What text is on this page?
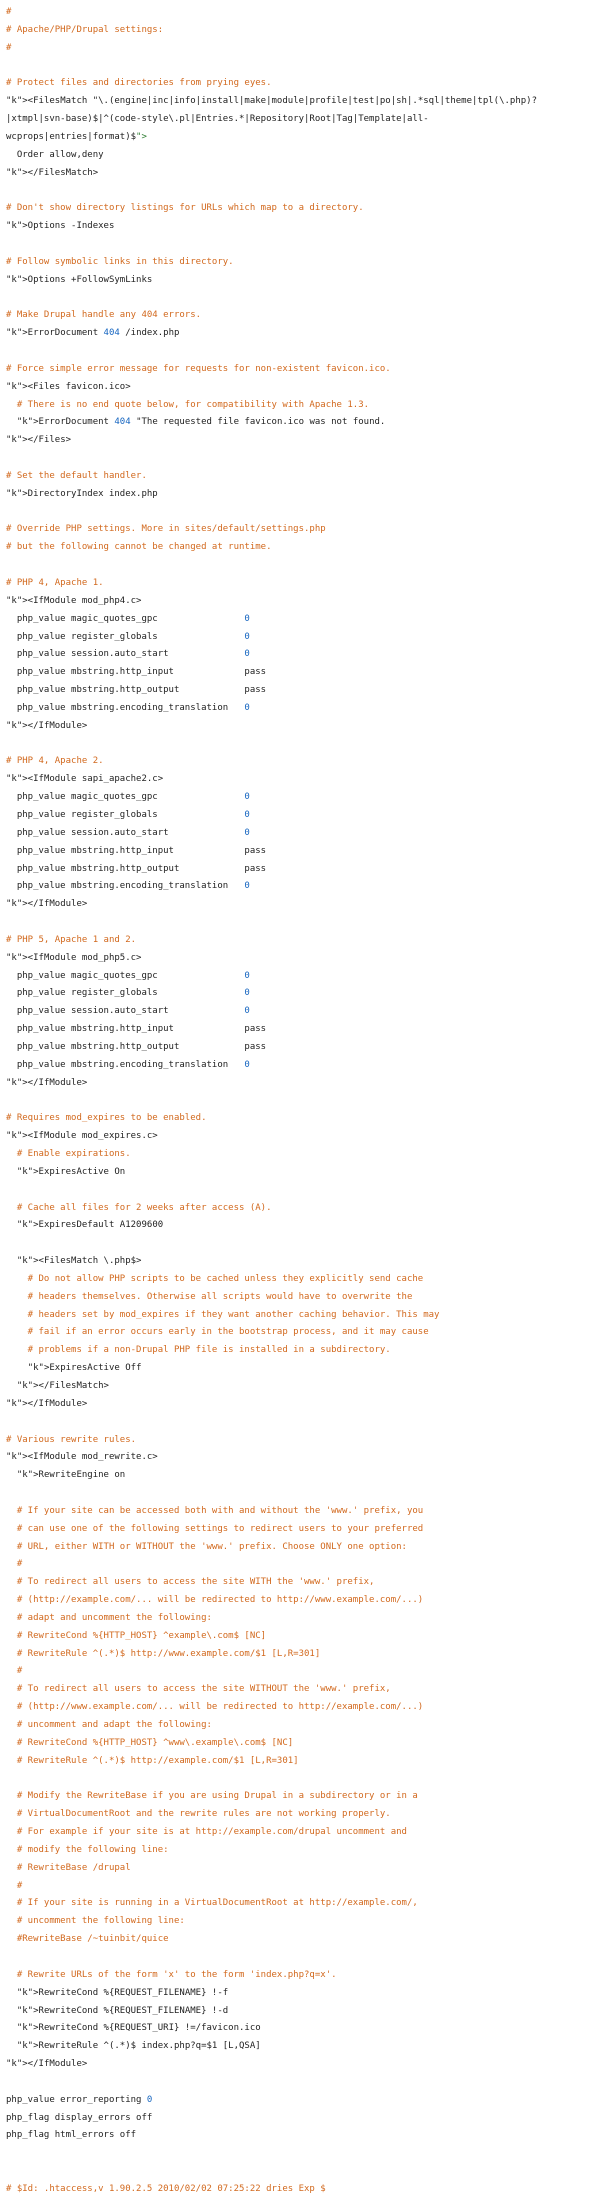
#
# Apache/PHP/Drupal settings:
#
# Protect files and directories from prying eyes.
"k"><FilesMatch "\.(engine|inc|info|install|make|module|profile|test|po|sh|.*sql|theme|tpl(\.php)?
|xtmpl|svn-base)$|^(code-style\.pl|Entries.*|Repository|Root|Tag|Template|all-
wcprops|entries|format)$">
Order allow,deny
"k"></FilesMatch>
# Don't show directory listings for URLs which map to a directory.
"k">Options -Indexes
# Follow symbolic links in this directory.
"k">Options +FollowSymLinks
# Make Drupal handle any 404 errors.
"k">ErrorDocument 404 /index.php
# Force simple error message for requests for non-existent favicon.ico.
"k"><Files favicon.ico>
# There is no end quote below, for compatibility with Apache 1.3.
"k">ErrorDocument 404 "The requested file favicon.ico was not found.
"k"></Files>
# Set the default handler.
"k">DirectoryIndex index.php
# Override PHP settings. More in sites/default/settings.php
# but the following cannot be changed at runtime.
# PHP 4, Apache 1.
"k"><IfModule mod_php4.c>
php_value magic_quotes_gpc                0
php_value register_globals                0
php_value session.auto_start              0
php_value mbstring.http_input             pass
php_value mbstring.http_output            pass
php_value mbstring.encoding_translation   0
"k"></IfModule>
# PHP 4, Apache 2.
"k"><IfModule sapi_apache2.c>
php_value magic_quotes_gpc                0
php_value register_globals                0
php_value session.auto_start              0
php_value mbstring.http_input             pass
php_value mbstring.http_output            pass
php_value mbstring.encoding_translation   0
"k"></IfModule>
# PHP 5, Apache 1 and 2.
"k"><IfModule mod_php5.c>
php_value magic_quotes_gpc                0
php_value register_globals                0
php_value session.auto_start              0
php_value mbstring.http_input             pass
php_value mbstring.http_output            pass
php_value mbstring.encoding_translation   0
"k"></IfModule>
# Requires mod_expires to be enabled.
"k"><IfModule mod_expires.c>
# Enable expirations.
"k">ExpiresActive On
# Cache all files for 2 weeks after access (A).
"k">ExpiresDefault A1209600
"k"><FilesMatch \.php$>
# Do not allow PHP scripts to be cached unless they explicitly send cache
# headers themselves. Otherwise all scripts would have to overwrite the
# headers set by mod_expires if they want another caching behavior. This may
# fail if an error occurs early in the bootstrap process, and it may cause
# problems if a non-Drupal PHP file is installed in a subdirectory.
"k">ExpiresActive Off
"k"></FilesMatch>
"k"></IfModule>
# Various rewrite rules.
"k"><IfModule mod_rewrite.c>
"k">RewriteEngine on
# If your site can be accessed both with and without the 'www.' prefix, you
# can use one of the following settings to redirect users to your preferred
# URL, either WITH or WITHOUT the 'www.' prefix. Choose ONLY one option:
#
# To redirect all users to access the site WITH the 'www.' prefix,
# (http://example.com/... will be redirected to http://www.example.com/...)
# adapt and uncomment the following:
# RewriteCond %{HTTP_HOST} ^example\.com$ [NC]
# RewriteRule ^(.*)$ http://www.example.com/$1 [L,R=301]
#
# To redirect all users to access the site WITHOUT the 'www.' prefix,
# (http://www.example.com/... will be redirected to http://example.com/...)
# uncomment and adapt the following:
# RewriteCond %{HTTP_HOST} ^www\.example\.com$ [NC]
# RewriteRule ^(.*)$ http://example.com/$1 [L,R=301]
# Modify the RewriteBase if you are using Drupal in a subdirectory or in a
# VirtualDocumentRoot and the rewrite rules are not working properly.
# For example if your site is at http://example.com/drupal uncomment and
# modify the following line:
# RewriteBase /drupal
#
# If your site is running in a VirtualDocumentRoot at http://example.com/,
# uncomment the following line:
#RewriteBase /~tuinbit/quice
# Rewrite URLs of the form 'x' to the form 'index.php?q=x'.
"k">RewriteCond %{REQUEST_FILENAME} !-f
"k">RewriteCond %{REQUEST_FILENAME} !-d
"k">RewriteCond %{REQUEST_URI} !=/favicon.ico
"k">RewriteRule ^(.*)$ index.php?q=$1 [L,QSA]
"k"></IfModule>
php_value error_reporting 0
php_flag display_errors off
php_flag html_errors off
# $Id: .htaccess,v 1.90.2.5 2010/02/02 07:25:22 dries Exp $
